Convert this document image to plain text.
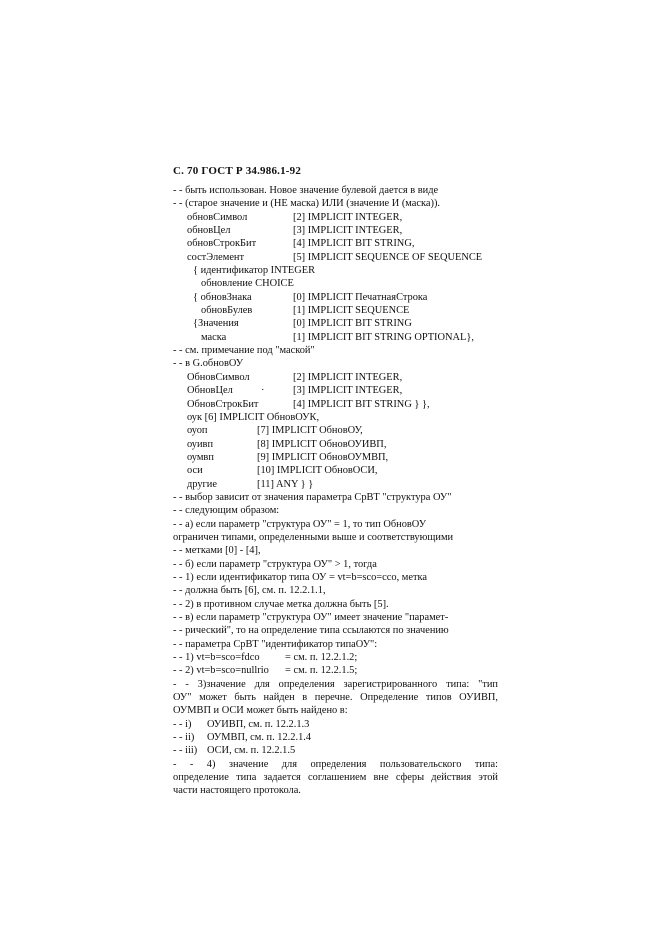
С. 70 ГОСТ Р 34.986.1-92
- - быть использован. Новое значение булевой дается в виде
- - (старое значение и (НЕ маска) ИЛИ (значение И (маска)).
обновСимвол	[2] IMPLICIT INTEGER,
обновЦел	[3] IMPLICIT INTEGER,
обновСтрокБит	[4] IMPLICIT BIT STRING,
состЭлемент	[5] IMPLICIT SEQUENCE OF SEQUENCE
{ идентификатор INTEGER
обновление CHOICE
{ обновЗнака	[0] IMPLICIT ПечатнаяСтрока
обновБулев	[1] IMPLICIT SEQUENCE
{Значения	[0] IMPLICIT BIT STRING
маска	[1] IMPLICIT BIT STRING OPTIONAL},
- - см. примечание под "маской"
- - в G.обновОУ
ОбновСимвол	[2] IMPLICIT INTEGER,
ОбновЦел	·	[3] IMPLICIT INTEGER,
ОбновСтрокБит	[4] IMPLICIT BIT STRING } },
оук [6] IMPLICIT ОбновОУК,
оуоп	[7] IMPLICIT ОбновОУ,
оуивп	[8] IMPLICIT ОбновОУИВП,
оумвп	[9] IMPLICIT ОбновОУМВП,
оси	[10] IMPLICIT ОбновОСИ,
другие	[11] ANY } }
- - выбор зависит от значения параметра СрВТ "структура ОУ"
- - следующим образом:
- - а) если параметр "структура ОУ" = 1, то тип ОбновОУ
ограничен типами, определенными выше и соответствующими
- - метками [0] - [4],
- - б) если параметр "структура ОУ" > 1, тогда
- - 1) если идентификатор типа ОУ = vt=b=sco=cco, метка
- - должна быть [6], см. п. 12.2.1.1,
- - 2) в противном случае метка должна быть [5].
- - в) если параметр "структура ОУ" имеет значение "парамет-
- - рический", то на определение типа ссылаются по значению
- - параметра СрВТ "идентификатор типаОУ":
- - 1) vt=b=sco=fdco = см. п. 12.2.1.2;
- - 2) vt=b=sco=nullrio = см. п. 12.2.1.5;
- - 3)значение для определения зарегистрированного типа: "тип
ОУ" может быть найден в перечне. Определение типов ОУИВП,
ОУМВП и ОСИ может быть найдено в:
- - i) ОУИВП, см. п. 12.2.1.3
- - ii) ОУМВП, см. п. 12.2.1.4
- - iii) ОСИ, см. п. 12.2.1.5
- - 4) значение для определения пользовательского типа:
определение типа задается соглашением вне сферы действия этой
части настоящего протокола.
